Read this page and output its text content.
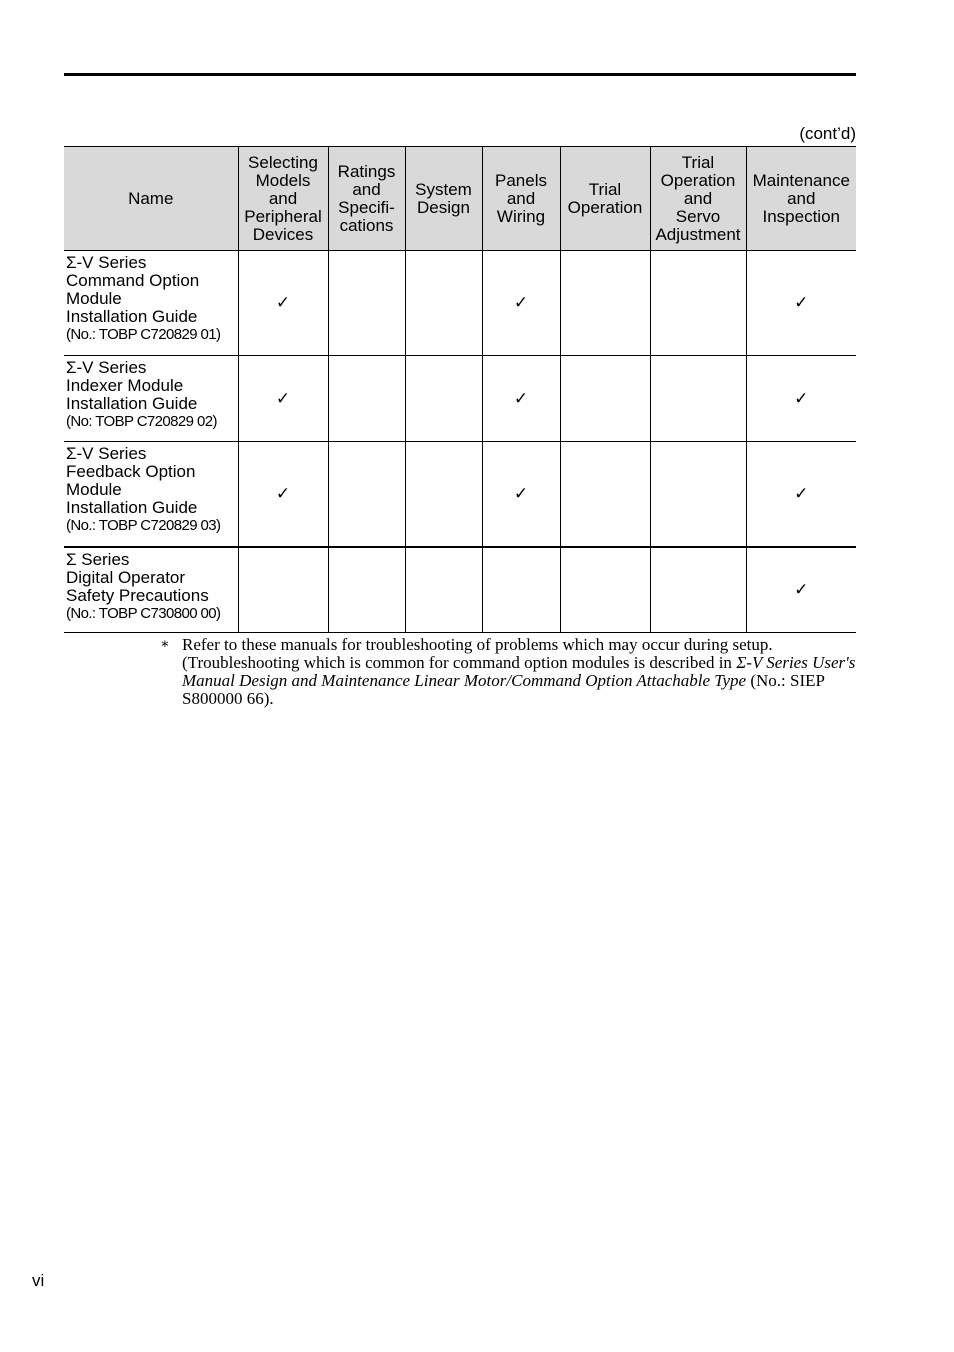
(cont’d)
Name	Selecting
Models
and
Peripheral
Devices	Ratings
and
Specifi-
cations	System
Design	Panels
and
Wiring	Trial
Operation	Trial
Operation
and
Servo
Adjustment	Maintenance
and
Inspection

Σ-V Series
Command Option
Module
Installation Guide
(No.: TOBP C720829 01)	✓			✓			✓

Σ-V Series
Indexer Module
Installation Guide
(No: TOBP C720829 02)	✓			✓			✓

Σ-V Series
Feedback Option
Module
Installation Guide
(No.: TOBP C720829 03)	✓			✓			✓

Σ Series
Digital Operator
Safety Precautions
(No.: TOBP C730800 00)							✓
∗ Refer to these manuals for troubleshooting of problems which may occur during setup.
(Troubleshooting which is common for command option modules is described in Σ-V Series User's Manual Design and Maintenance Linear Motor/Command Option Attachable Type (No.: SIEP S800000 66).
vi
